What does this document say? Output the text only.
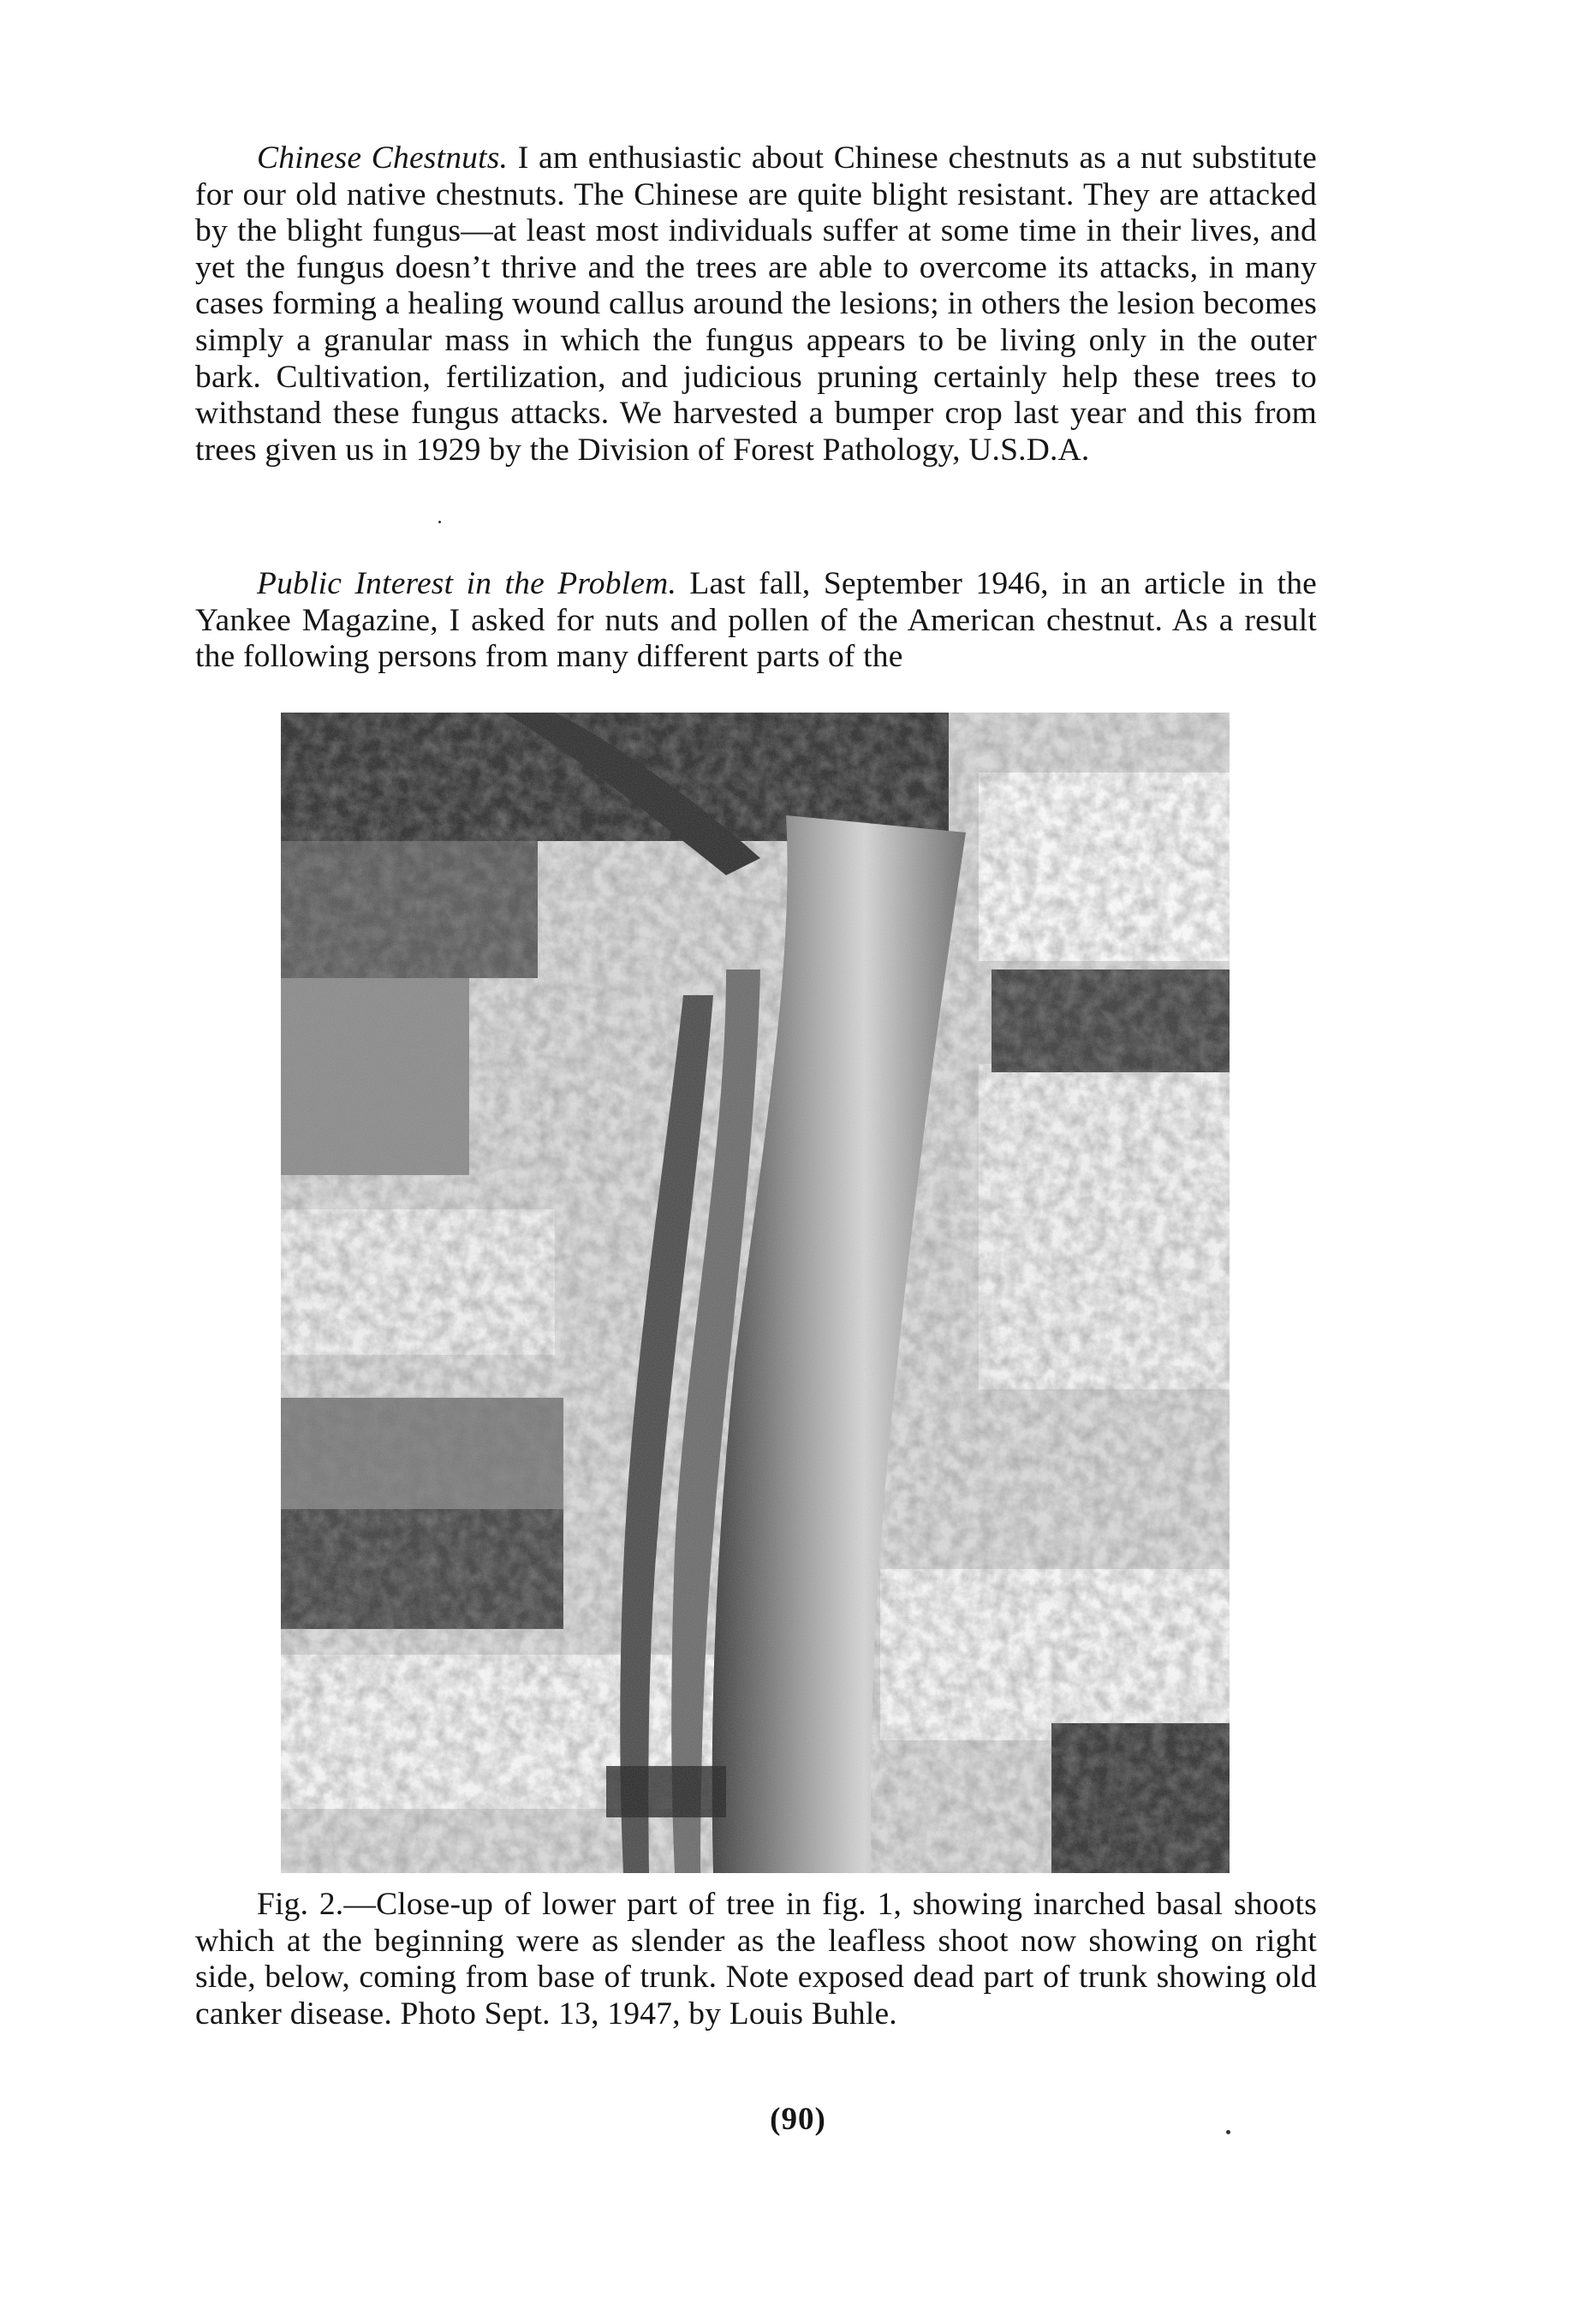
Chinese Chestnuts. I am enthusiastic about Chinese chestnuts as a nut substitute for our old native chestnuts. The Chinese are quite blight resistant. They are attacked by the blight fungus—at least most individuals suffer at some time in their lives, and yet the fungus doesn’t thrive and the trees are able to overcome its attacks, in many cases forming a healing wound callus around the lesions; in others the lesion becomes simply a granular mass in which the fungus appears to be living only in the outer bark. Cultivation, fertilization, and judicious pruning certainly help these trees to withstand these fungus attacks. We harvested a bumper crop last year and this from trees given us in 1929 by the Division of Forest Pathology, U.S.D.A.

Public Interest in the Problem. Last fall, September 1946, in an article in the Yankee Magazine, I asked for nuts and pollen of the American chestnut. As a result the following persons from many different parts of the

Fig. 2.—Close-up of lower part of tree in fig. 1, showing inarched basal shoots which at the beginning were as slender as the leafless shoot now showing on right side, below, coming from base of trunk. Note exposed dead part of trunk showing old canker disease. Photo Sept. 13, 1947, by Louis Buhle.

(90)
